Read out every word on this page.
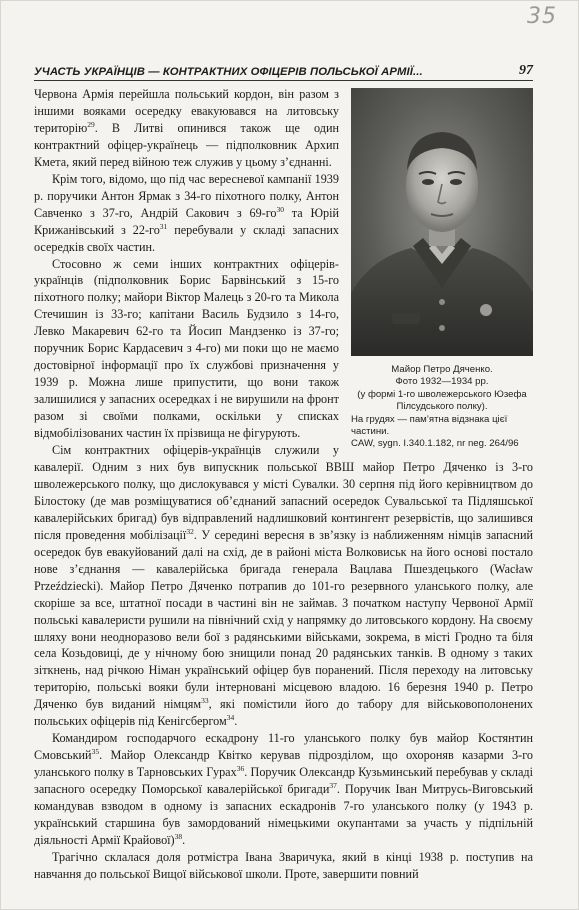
35
УЧАСТЬ УКРАЇНЦІВ — КОНТРАКТНИХ ОФІЦЕРІВ ПОЛЬСЬКОЇ АРМІЇ...	97
Майор Петро Дяченко.
Фото 1932—1934 рр.
(у формі 1-го шволежерського Юзефа
Пілсудського полку).
На грудях — пам’ятна відзнака цієї частини.
CAW, sygn. I.340.1.182, nr neg. 264/96

Червона Армія перейшла польський кордон, він разом з іншими вояками осередку евакуювався на литовську територію$^{29}$. В Литві опинився також ще один контрактний офіцер-українець — підполковник Архип Кмета, який перед війною теж служив у цьому з’єднанні.

Крім того, відомо, що під час вересневої кампанії 1939 р. поручики Антон Ярмак з 34-го піхотного полку, Антон Савченко з 37-го, Андрій Сакович з $69-го^{30}$ та Юрій Крижанівський з $22-го^{31}$ перебували у складі запасних осередків своїх частин.

Стосовно ж семи інших контрактних офіцерів-українців (підполковник Борис Барвінський з 15-го піхотного полку; майори Віктор Малець з 20-го та Микола Стечишин із 33-го; капітани Василь Будзило з 14-го, Левко Макаревич 62-го та Йосип Мандзенко із 37-го; поручник Борис Кардасевич з 4-го) ми поки що не маємо достовірної інформації про їх службові призначення у 1939 р. Можна лише припустити, що вони також залишилися у запасних осередках і не вирушили на фронт разом зі своїми полками, оскільки у списках відмобілізованих частин їх прізвища не фігурують.

Сім контрактних офіцерів-українців служили у кавалерії. Одним з них був випускник польської ВВШ майор Петро Дяченко із 3-го шволежерського полку, що дислокувався у місті Сувалки. 30 серпня під його керівництвом до Білостоку (де мав розміщуватися об’єднаний запасний осередок Сувальської та Підляшської кавалерійських бригад) був відправлений надлишковий контингент резервістів, що залишився після проведення мобілізації$^{32}$. У середині вересня в зв’язку із наближенням німців запасний осередок був евакуйований далі на схід, де в районі міста Волковиськ на його основі постало нове з’єднання — кавалерійська бригада генерала Вацлава Пшездецького (Wacław Przeździecki). Майор Петро Дяченко потрапив до 101-го резервного уланського полку, але скоріше за все, штатної посади в частині він не займав. З початком наступу Червоної Армії польські кавалеристи рушили на північний схід у напрямку до литовського кордону. На своєму шляху вони неодноразово вели бої з радянськими військами, зокрема, в місті Гродно та біля села Козьдовиці, де у нічному бою знищили понад 20 радянських танків. В одному з таких зіткнень, над річкою Німан український офіцер був поранений. Після переходу на литовську територію, польські вояки були інтерновані місцевою владою. 16 березня 1940 р. Петро Дяченко був виданий німцям$^{33}$, які помістили його до табору для військовополонених польських офіцерів під Кенігсбергом$^{34}$.

Командиром господарчого ескадрону 11-го уланського полку був майор Костянтин Смовський$^{35}$. Майор Олександр Квітко керував підрозділом, що охороняв казарми 3-го уланського полку в Тарновських Гурах$^{36}$. Поручик Олександр Кузьминський перебував у складі запасного осередку Поморської кавалерійської бригади$^{37}$. Поручик Іван Митрусь-Виговський командував взводом в одному із запасних ескадронів 7-го уланського полку (у 1943 р. український старшина був замордований німецькими окупантами за участь у підпільній діяльності Армії Крайової)$^{38}$.

Трагічно склалася доля ротмістра Івана Зваричука, який в кінці 1938 р. поступив на навчання до польської Вищої військової школи. Проте, завершити повний
